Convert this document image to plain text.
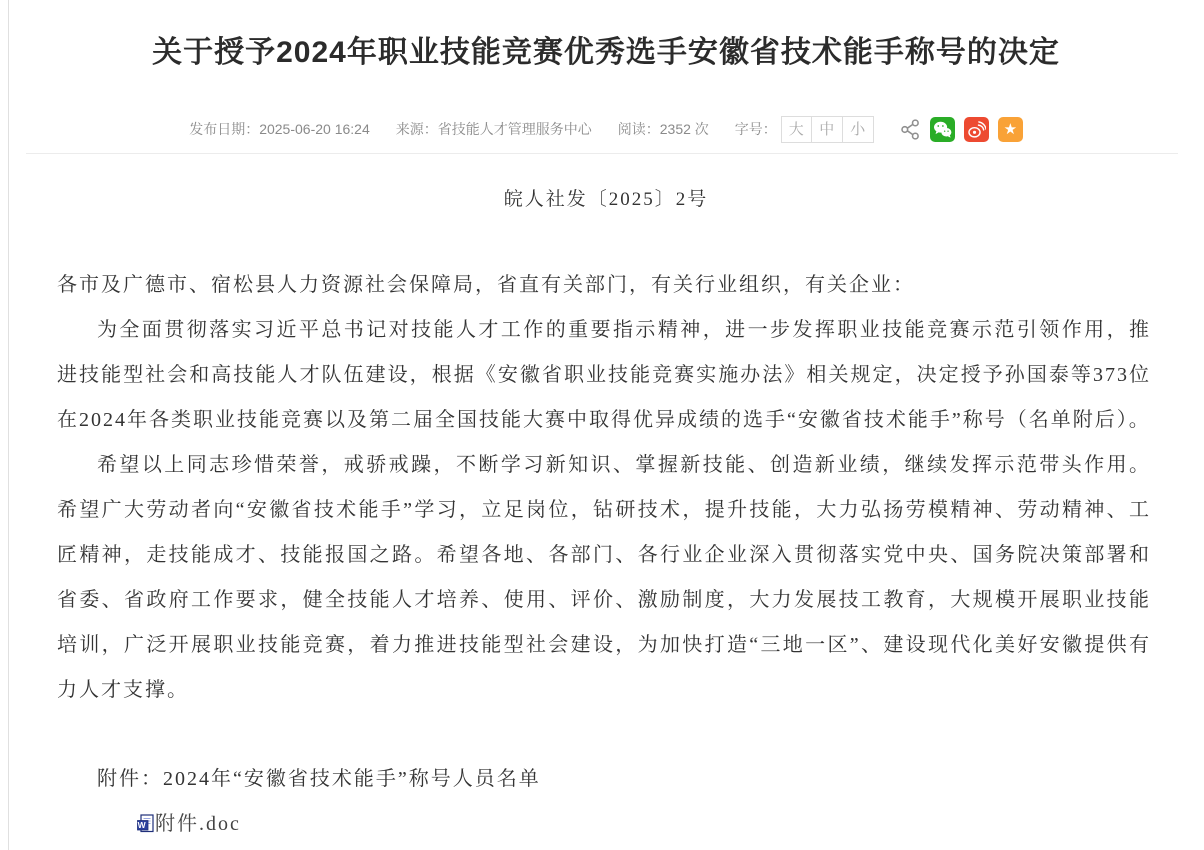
关于授予2024年职业技能竞赛优秀选手安徽省技术能手称号的决定
发布日期：2025-06-20 16:24 来源：省技能人才管理服务中心 阅读：2352 次 字号： 大	中	小	★
皖人社发〔2025〕2号

各市及广德市、宿松县人力资源社会保障局，省直有关部门，有关行业组织，有关企业：

为全面贯彻落实习近平总书记对技能人才工作的重要指示精神，进一步发挥职业技能竞赛示范引领作用，推进技能型社会和高技能人才队伍建设，根据《安徽省职业技能竞赛实施办法》相关规定，决定授予孙国泰等373位在2024年各类职业技能竞赛以及第二届全国技能大赛中取得优异成绩的选手“安徽省技术能手”称号（名单附后）。

希望以上同志珍惜荣誉，戒骄戒躁，不断学习新知识、掌握新技能、创造新业绩，继续发挥示范带头作用。希望广大劳动者向“安徽省技术能手”学习，立足岗位，钻研技术，提升技能，大力弘扬劳模精神、劳动精神、工匠精神，走技能成才、技能报国之路。希望各地、各部门、各行业企业深入贯彻落实党中央、国务院决策部署和省委、省政府工作要求，健全技能人才培养、使用、评价、激励制度，大力发展技工教育，大规模开展职业技能培训，广泛开展职业技能竞赛，着力推进技能型社会建设，为加快打造“三地一区”、建设现代化美好安徽提供有力人才支撑。

附件：2024年“安徽省技术能手”称号人员名单

W 附件.doc
